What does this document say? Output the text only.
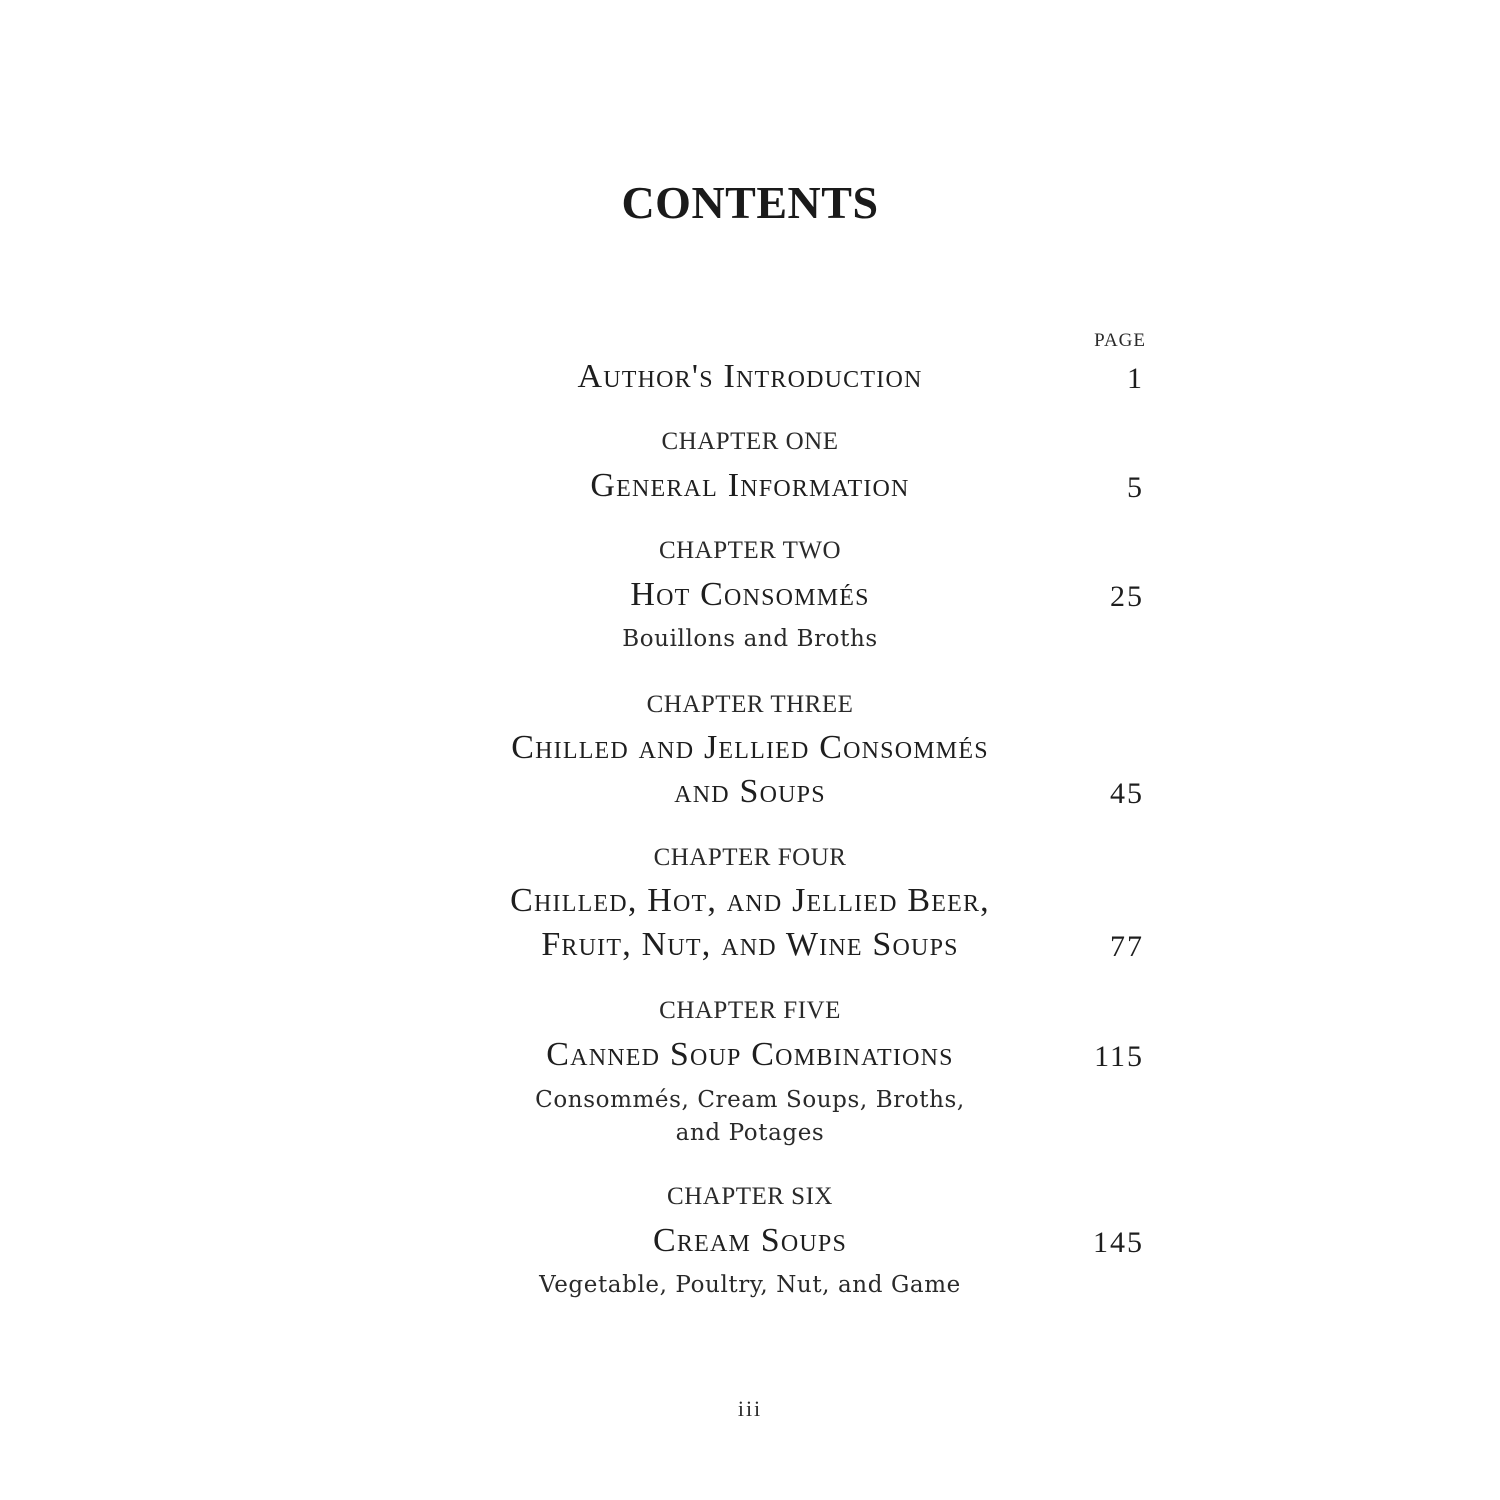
CONTENTS
PAGE
Author's Introduction	1
CHAPTER ONE
General Information	5
CHAPTER TWO
Hot Consommés	25
Bouillons and Broths
CHAPTER THREE
Chilled and Jellied Consommés
and Soups	45
CHAPTER FOUR
Chilled, Hot, and Jellied Beer,
Fruit, Nut, and Wine Soups	77
CHAPTER FIVE
Canned Soup Combinations	115
Consommés, Cream Soups, Broths,
and Potages
CHAPTER SIX
Cream Soups	145
Vegetable, Poultry, Nut, and Game
iii
